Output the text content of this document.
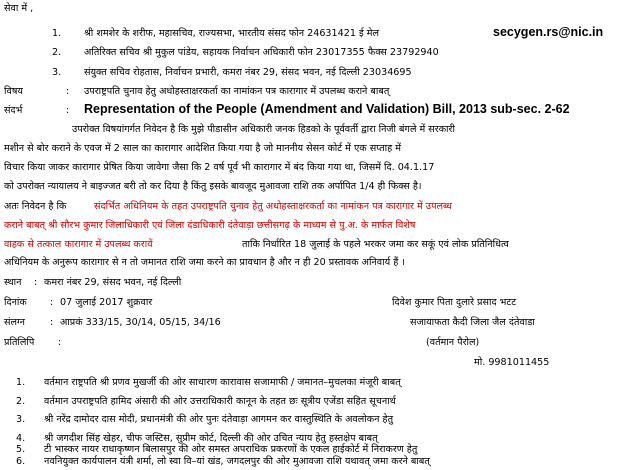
सेवा में ,
1. श्री शमशेर के शरीफ, महासचिव, राज्यसभा, भारतीय संसद फोन 24631421 ई मेल	secygen.rs@nic.in
2. अतिरिक्त सचिव श्री मुकुल पांडेय, सहायक निर्वाचन अधिकारी फोन 23017355 फैक्स 23792940
3. संयुक्त सचिव रोहतास, निर्वाचन प्रभारी, कमरा नंबर 29, संसद भवन, नई दिल्ली 23034695
विषय	: उपराष्ट्रपति चुनाव हेतु अधोहस्ताक्षरकर्ता का नामांकन पत्र कारागार में उपलब्ध कराने बाबत्
संदर्भ	: Representation of the People (Amendment and Validation) Bill, 2013 sub-sec. 2-62
उपरोक्त विषयांगर्गत निवेदन है कि मुझे पीडासीन अधिकारी जनक हिडको के पूर्ववर्ती द्वारा निजी बंगले में सरकारी
मशीन से बोर कराने के एवज में 2 साल का कारागार आदेशित किया गया है जो माननीय सेसन कोर्ट में एक सप्ताह में
विचार किया जाकर कारागार प्रेषित किया जावेगा जैसा कि 2 वर्ष पूर्व भी कारागार में बंद किया गया था, जिसमें दि. 04.1.17
को उपरोक्त न्यायालय ने बाइज्जत बरी तो कर दिया है किंतु इसके बावजूद मुआवजा राशि तक अर्पापित 1/4 ही फिक्स है।
अतः निवेदन है कि	संदर्भित अधिनियम के तहत उपराष्ट्रपति चुनाव हेतु अधोहस्ताक्षरकर्ता का नामांकन पत्र कारागार में उपलब्ध
कराने बाबत् श्री सौरभ कुमार जिलाधिकारी एवं जिला दंडाधिकारी दंतेवाड़ा छत्तीसगढ़ के माध्यम से पु.अ. के मार्फत विशेष
वाहक से तत्काल कारागार में उपलब्ध करावें	ताकि निर्धारित 18 जुलाई के पहले भरकर जमा कर सकूं एवं लोक प्रतिनिधित्व
अधिनियम के अनुरूप कारागार से न तो जमानत राशि जमा करने का प्रावधान है और न ही 20 प्रस्तावक अनिवार्य हैं ।
स्थान : कमरा नंबर 29, संसद भवन, नई दिल्ली
दिनांक : 07 जुलाई 2017 शुक्रवार	दिवेश कुमार पिता दुलारे प्रसाद भटट
संलग्न	: आप्रकं 333/15, 30/14, 05/15, 34/16	सजायाफता कैदी जिला जैल दंतेवाडा
प्रतिलिपि :	(वर्तमान पैरोल)
मो. 9981011455
1. वर्तमान राष्ट्रपति श्री प्रणव मुखर्जी की ओर साधारण कारावास सजामाफी / जमानत–मुचलका मंजूरी बाबत्
2. वर्तमान उपराष्ट्रपति हामिद अंसारी की ओर उत्तराधिकारी कानून के तहत छः सूत्रीय एजेंडा सहित सूचनार्थ
3. श्री नरेंद्र दामोदर दास मोदी, प्रधानमंत्री की ओर पुनः दंतेवाड़ा आगमन कर वास्तुस्थिति के अवलोकन हेतु
4. श्री जगदीश सिंह खेहर, चीफ जस्टिस, सुप्रीम कोर्ट, दिल्ली की ओर उचित न्याय हेतु हस्तक्षेप बाबत्
5. टी भास्कर नायर राधाकृष्णन बिलासपुर की ओर समस्त अपराधिक प्रकरणों के एकल हाईकोर्ट में निराकरण हेतु
6. नवनियुक्त कार्यपालन यंत्री शर्मा, लो स्वा वि–यां खंड, जगदलपुर की ओर मुआवजा राशि यथावत् जमा करने बाबत्
